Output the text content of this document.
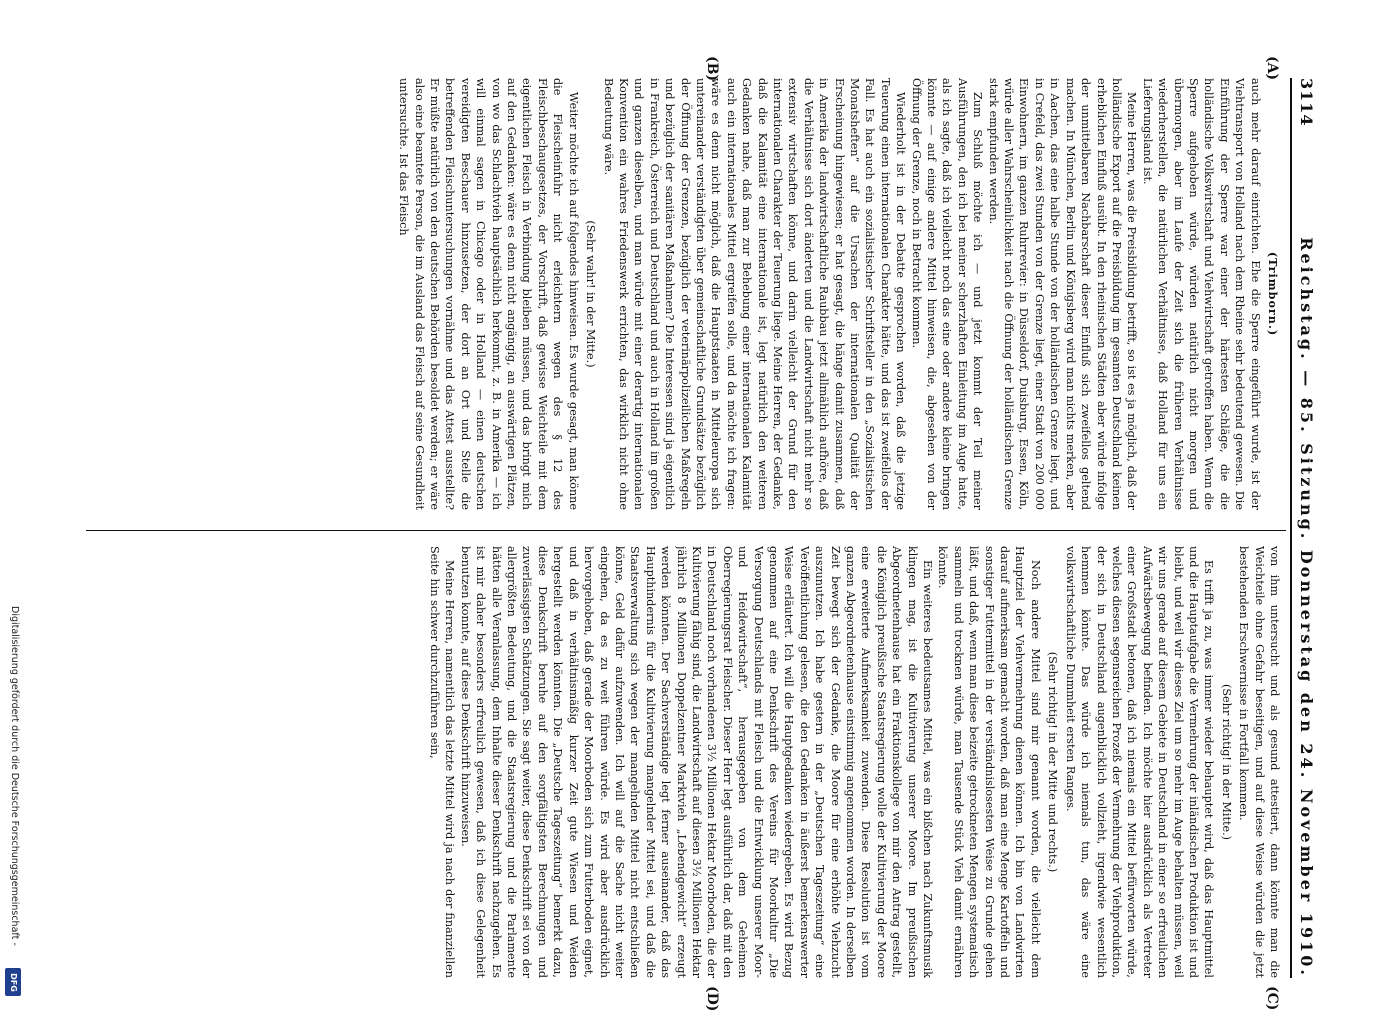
3114
Reichstag. — 85. Sitzung. Donnerstag den 24. November 1910.

(Trimborn.)

auch mehr darauf einrichten. Ehe die Sperre eingeführt wurde, ist der Viehtransport von Holland nach dem Rheine sehr bedeutend gewesen. Die Einführung der Sperre war einer der härtesten Schläge, die die holländische Volkswirtschaft und Viehwirtschaft getroffen haben. Wenn die Sperre aufgehoben würde, würden natürlich nicht morgen und übermorgen, aber im Laufe der Zeit sich die früheren Verhältnisse wiederherstellen, die natürlichen Verhältnisse, daß Holland für uns ein Lieferungsland ist.

Meine Herren, was die Preisbildung betrifft, so ist es ja möglich, daß der holländische Export auf die Preisbildung im gesamten Deutschland keinen erheblichen Einfluß ausübt. In den rheinischen Städten aber würde infolge der unmittelbaren Nachbarschaft dieser Einfluß sich zweifellos geltend machen. In München, Berlin und Königsberg wird man nichts merken, aber in Aachen, das eine halbe Stunde von der holländischen Grenze liegt, und in Crefeld, das zwei Stunden von der Grenze liegt, einer Stadt von 200 000 Einwohnern, im ganzen Ruhrrevier: in Düsseldorf, Duisburg, Essen, Köln, würde aller Wahrscheinlichkeit nach die Öffnung der holländischen Grenze stark empfunden werden.

Zum Schluß möchte ich — und jetzt kommt der Teil meiner Ausführungen, den ich bei meiner scherzhaften Einleitung im Auge hatte, als ich sagte, daß ich vielleicht noch das eine oder andere kleine bringen könnte — auf einige andere Mittel hinweisen, die, abgesehen von der Öffnung der Grenze, noch in Betracht kommen.

Wiederholt ist in der Debatte gesprochen worden, daß die jetzige Teuerung einen internationalen Charakter hätte, und das ist zweifellos der Fall. Es hat auch ein sozialistischer Schriftsteller in den „Sozialistischen Monatsheften“ auf die Ursachen der internationalen Qualität der Erscheinung hingewiesen; er hat gesagt, die hänge damit zusammen, daß in Amerika der landwirtschaftliche Raubbau jetzt allmählich aufhöre, daß die Verhältnisse sich dort änderten und die Landwirtschaft nicht mehr so extensiv wirtschaften könne, und darin vielleicht der Grund für den internationalen Charakter der Teuerung liege. Meine Herren, der Gedanke, daß die Kalamität eine internationale ist, legt natürlich den weiteren Gedanken nahe, daß man zur Behebung einer internationalen Kalamität auch ein internationales Mittel ergreifen solle, und da möchte ich fragen: wäre es denn nicht möglich, daß die Hauptstaaten in Mitteleuropa sich untereinander verständigten über gemeinschaftliche Grundsätze bezüglich der Öffnung der Grenzen, bezüglich der veterinärpolizeilichen Maßregeln und bezüglich der sanitären Maßnahmen? Die Interessen sind ja eigentlich in Frankreich, Österreich und Deutschland und auch in Holland im großen und ganzen dieselben, und man würde mit einer derartig internationalen Konvention ein wahres Friedenswerk errichten, das wirklich nicht ohne Bedeutung wäre.

(Sehr wahr! in der Mitte.)

Weiter möchte ich auf folgendes hinweisen. Es wurde gesagt, man könne die Fleischeinfuhr nicht erleichtern wegen des § 12 des Fleischbeschaugesetzes, der Vorschrift, daß gewisse Weichteile mit dem eigentlichen Fleisch in Verbindung bleiben müssen, und das bringt mich auf den Gedanken: wäre es denn nicht angängig, an auswärtigen Plätzen, von wo das Schlachtvieh hauptsächlich herkommt, z. B. in Amerika — ich will einmal sagen in Chicago oder in Holland — einen deutschen vereidigten Beschauer hinzusetzen, der dort an Ort und Stelle die betreffenden Fleischuntersuchungen vornähme und das Attest ausstellte? Er müßte natürlich von den deutschen Behörden besoldet werden; er wäre also eine beamtete Person, die im Ausland das Fleisch auf seine Gesundheit untersuchte. Ist das Fleisch

von ihm untersucht und als gesund attestiert, dann könnte man die Weichteile ohne Gefahr beseitigen, und auf diese Weise würden die jetzt bestehenden Erschwernisse in Fortfall kommen.

(Sehr richtig! in der Mitte.)

Es trifft ja zu, was immer wieder behauptet wird, daß das Hauptmittel und die Hauptaufgabe die Vermehrung der inländischen Produktion ist und bleibt, und weil wir dieses Ziel um so mehr im Auge behalten müssen, weil wir uns gerade auf diesem Gebiete in Deutschland in einer so erfreulichen Aufwärtsbewegung befinden. Ich möchte hier ausdrücklich als Vertreter einer Großstadt betonen, daß ich niemals ein Mittel befürworten würde, welches diesen segensreichen Prozeß der Vermehrung der Viehproduktion, der sich in Deutschland augenblicklich vollzieht, irgendwie wesentlich hemmen könnte. Das würde ich niemals tun, das wäre eine volkswirtschaftliche Dummheit ersten Ranges.

(Sehr richtig! in der Mitte und rechts.)

Noch andere Mittel sind mir genannt worden, die vielleicht dem Hauptziel der Viehvermehrung dienen können. Ich bin von Landwirten darauf aufmerksam gemacht worden, daß man eine Menge Kartoffeln und sonstiger Futtermittel in der verständnislosesten Weise zu Grunde gehen läßt, und daß, wenn man diese beizeite getrockneten Mengen systematisch sammeln und trocknen würde, man Tausende Stück Vieh damit ernähren könnte.

Ein weiteres bedeutsames Mittel, was ein bißchen nach Zukunftsmusik klingen mag, ist die Kultivierung unserer Moore. Im preußischen Abgeordnetenhause hat ein Fraktionskollege von mir den Antrag gestellt, die Königlich preußische Staatsregierung wolle der Kultivierung der Moore eine erweiterte Aufmerksamkeit zuwenden. Diese Resolution ist vom ganzen Abgeordnetenhause einstimmig angenommen worden. In derselben Zeit bewegt sich der Gedanke, die Moore für eine erhöhte Viehzucht auszunutzen. Ich habe gestern in der „Deutschen Tageszeitung“ eine Veröffentlichung gelesen, die den Gedanken in äußerst bemerkenswerter Weise erläutert. Ich will die Hauptgedanken wiedergeben. Es wird Bezug genommen auf eine Denkschrift des Vereins für Moorkultur „Die Versorgung Deutschlands mit Fleisch und die Entwicklung unserer Moor- und Heidewirtschaft“, herausgegeben von dem Geheimen Oberregierungsrat Fleischer. Dieser Herr legt ausführlich dar, daß mit den in Deutschland noch vorhandenen 3½ Millionen Hektar Moorboden, die der Kultivierung fähig sind, die Landwirtschaft auf diesen 3½ Millionen Hektar jährlich 8 Millionen Doppelzentner Marktvieh „Lebendgewicht“ erzeugt werden könnten. Der Sachverständige legt ferner auseinander, daß das Haupthindernis für die Kultivierung mangelnder Mittel sei, und daß die Staatsverwaltung sich wegen der mangelnden Mittel nicht entschließen könne, Geld dafür aufzuwenden. Ich will auf die Sache nicht weiter eingehen, da es zu weit führen würde. Es wird aber ausdrücklich hervorgehoben, daß gerade der Moorboden sich zum Futterboden eignet, und daß in verhältnismäßig kurzer Zeit gute Wiesen und Weiden hergestellt werden könnten. Die „Deutsche Tageszeitung“ bemerkt dazu, diese Denkschrift beruhe auf den sorgfältigsten Berechnungen und zuverlässigsten Schätzungen. Sie sagt weiter, diese Denkschrift sei von der allergrößten Bedeutung, und die Staatsregierung und die Parlamente hätten alle Veranlassung, dem Inhalte dieser Denkschrift nachzugehen. Es ist mir daher besonders erfreulich gewesen, daß ich diese Gelegenheit benutzen konnte, auf diese Denkschrift hinzuweisen.

Meine Herren, namentlich das letzte Mittel wird ja nach der finanziellen Seite hin schwer durchzuführen sein,

(A)
(B)
(C)
(D)
Digitalisierung gefördert durch die Deutsche Forschungsgemeinschaft -
DFG
